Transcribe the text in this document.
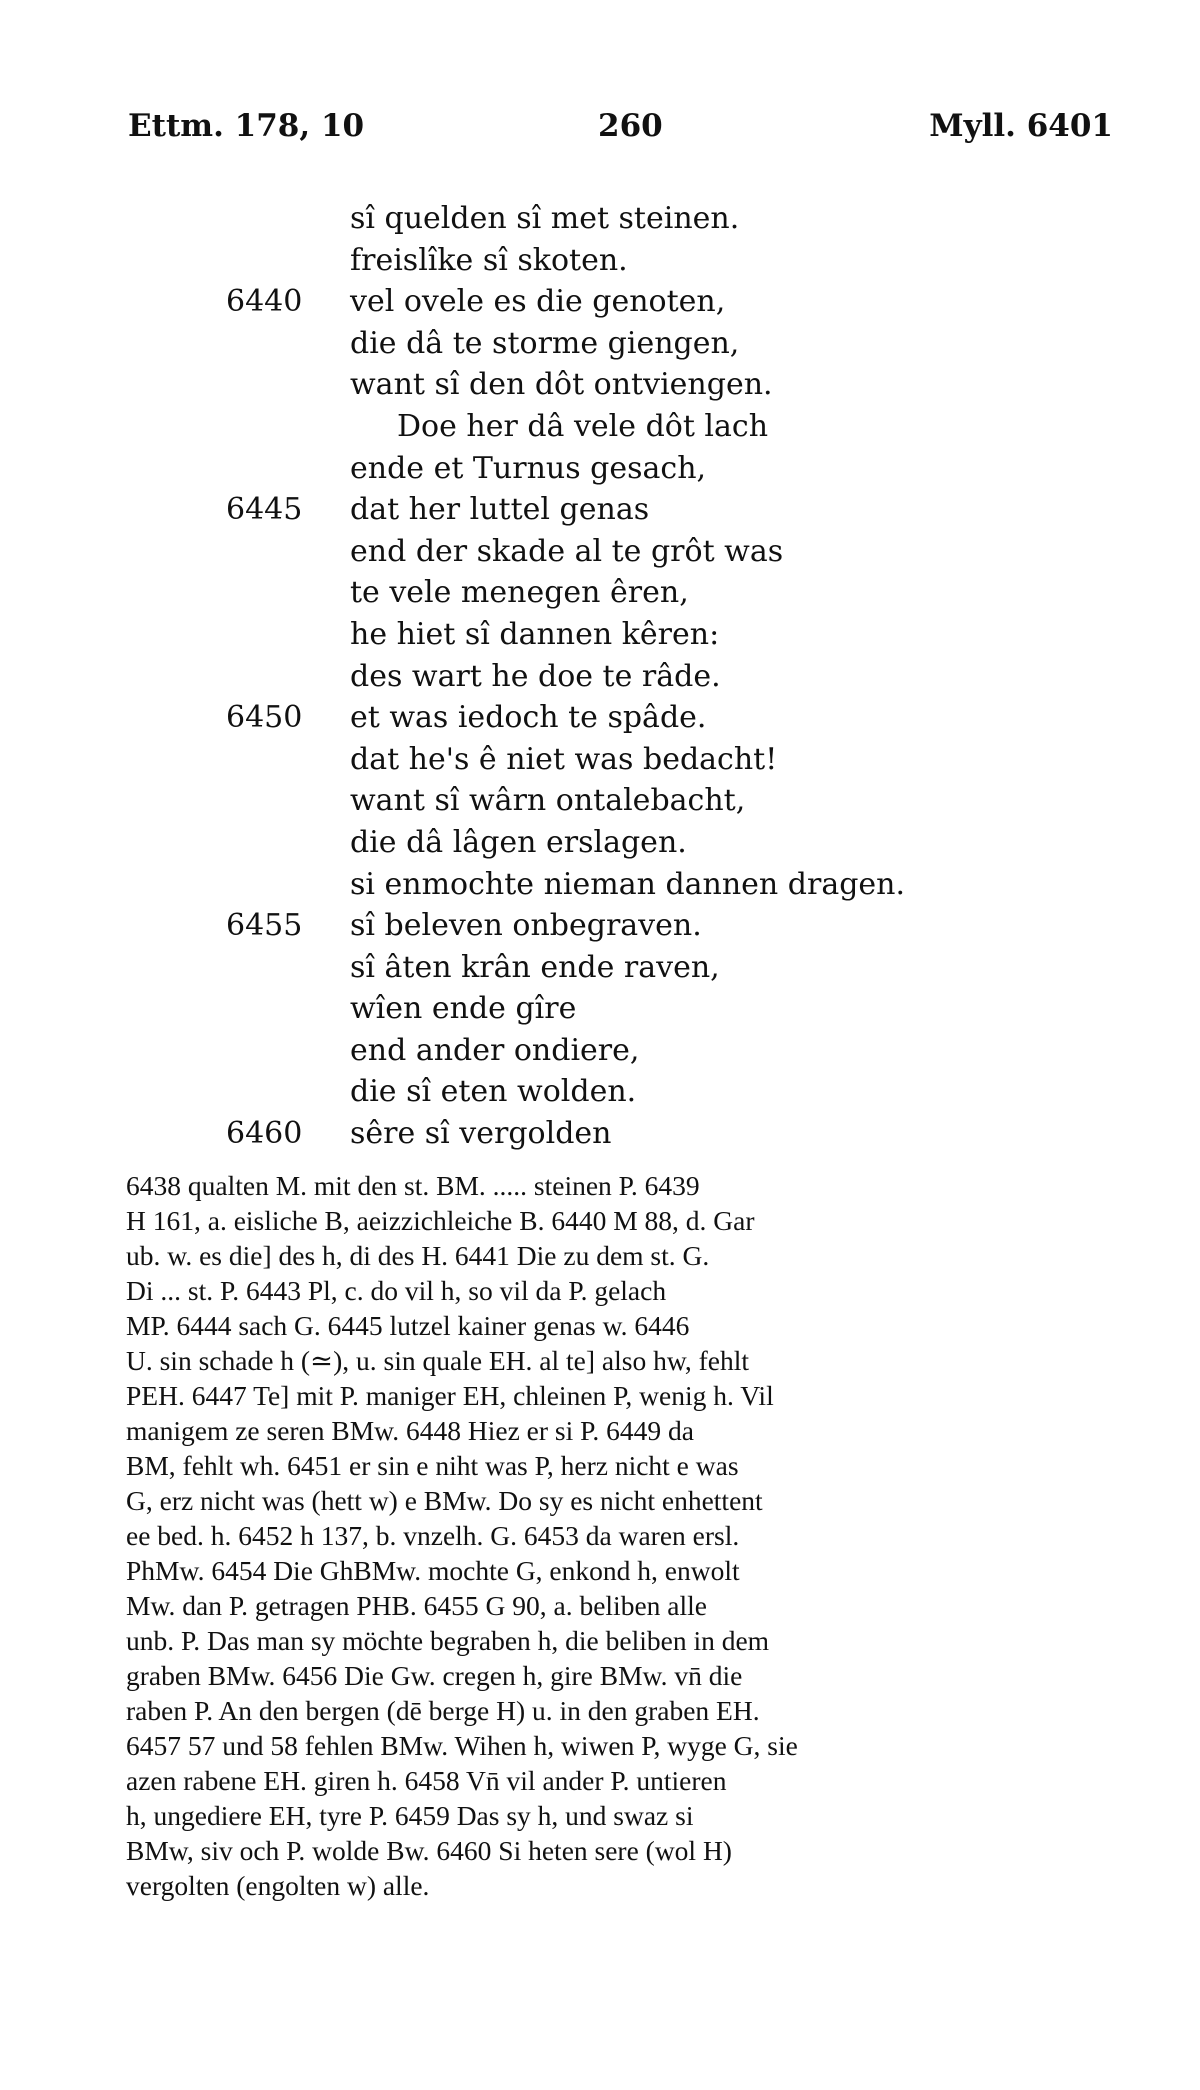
Ettm. 178, 10	260	Myll. 6401
sî quelden sî met steinen.
freislîke sî skoten.
6440	vel ovele es die genoten,
die dâ te storme giengen,
want sî den dôt ontviengen.
Doe her dâ vele dôt lach
ende et Turnus gesach,
6445	dat her luttel genas
end der skade al te grôt was
te vele menegen êren,
he hiet sî dannen kêren:
des wart he doe te râde.
6450	et was iedoch te spâde.
dat he's ê niet was bedacht!
want sî wârn ontalebacht,
die dâ lâgen erslagen.
si enmochte nieman dannen dragen.
6455	sî beleven onbegraven.
sî âten krân ende raven,
wîen ende gîre
end ander ondiere,
die sî eten wolden.
6460	sêre sî vergolden
6438 qualten M. mit den st. BM. ..... steinen P. 6439
H 161, a. eisliche B, aeizzichleiche B. 6440 M 88, d. Gar
ub. w. es die] des h, di des H. 6441 Die zu dem st. G.
Di ... st. P. 6443 Pl, c. do vil h, so vil da P. gelach
MP. 6444 sach G. 6445 lutzel kainer genas w. 6446
U. sin schade h (≃), u. sin quale EH. al te] also hw, fehlt
PEH. 6447 Te] mit P. maniger EH, chleinen P, wenig h. Vil
manigem ze seren BMw. 6448 Hiez er si P. 6449 da
BM, fehlt wh. 6451 er sin e niht was P, herz nicht e was
G, erz nicht was (hett w) e BMw. Do sy es nicht enhettent
ee bed. h. 6452 h 137, b. vnzelh. G. 6453 da waren ersl.
PhMw. 6454 Die GhBMw. mochte G, enkond h, enwolt
Mw. dan P. getragen PHB. 6455 G 90, a. beliben alle
unb. P. Das man sy möchte begraben h, die beliben in dem
graben BMw. 6456 Die Gw. cregen h, gire BMw. vn̄ die
raben P. An den bergen (dē berge H) u. in den graben EH.
6457 57 und 58 fehlen BMw. Wihen h, wiwen P, wyge G, sie
azen rabene EH. giren h. 6458 Vn̄ vil ander P. untieren
h, ungediere EH, tyre P. 6459 Das sy h, und swaz si
BMw, siv och P. wolde Bw. 6460 Si heten sere (wol H)
vergolten (engolten w) alle.
